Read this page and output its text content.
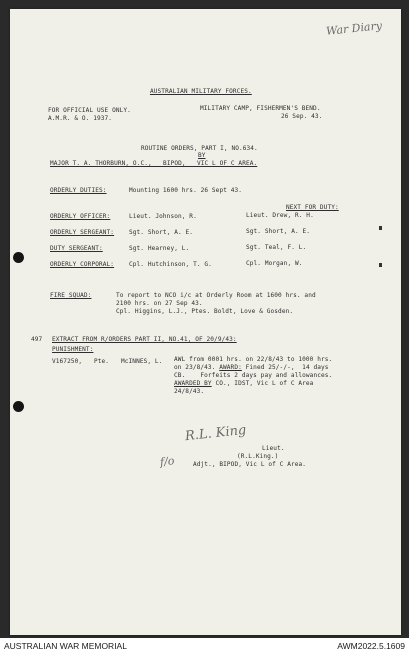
War Diary
AUSTRALIAN MILITARY FORCES.
FOR OFFICIAL USE ONLY.
A.M.R. & O. 1937.
MILITARY CAMP, FISHERMEN'S BEND.
26 Sep. 43.
ROUTINE ORDERS, PART I, NO.634.
BY
MAJOR T. A. THORBURN, O.C.,   BIPOD,   VIC L OF C AREA.
ORDERLY DUTIES:	Mounting 1600 hrs. 26 Sept 43.
NEXT FOR DUTY:
ORDERLY OFFICER:	Lieut. Johnson, R.	Lieut. Drew, R. H.
ORDERLY SERGEANT: Sgt. Short, A. E.	Sgt. Short, A. E.
DUTY SERGEANT:	Sgt. Hearney, L.	Sgt. Teal, F. L.
ORDERLY CORPORAL: Cpl. Hutchinson, T. G.	Cpl. Morgan, W.
FIRE SQUAD:	To report to NCO i/c at Orderly Room at 1600 hrs. and
2100 hrs. on 27 Sep 43.
Cpl. Higgins, L.J., Ptes. Boldt, Love & Gosden.
497 EXTRACT FROM R/ORDERS PART II, NO.41, OF 20/9/43:
PUNISHMENT:
V167250, Pte. McINNES, L. AWL from 0001 hrs. on 22/8/43 to 1000 hrs.
on 23/8/43. AWARD: Fined 25/-/-,  14 days
CB.    Forfeits 2 days pay and allowances.
AWARDED BY CO., IDST, Vic L of C Area
24/8/43.
R.L. King
f/o
Lieut.
(R.L.King.)
Adjt., BIPOD, Vic L of C Area.
AUSTRALIAN WAR MEMORIAL	AWM2022.5.1609
